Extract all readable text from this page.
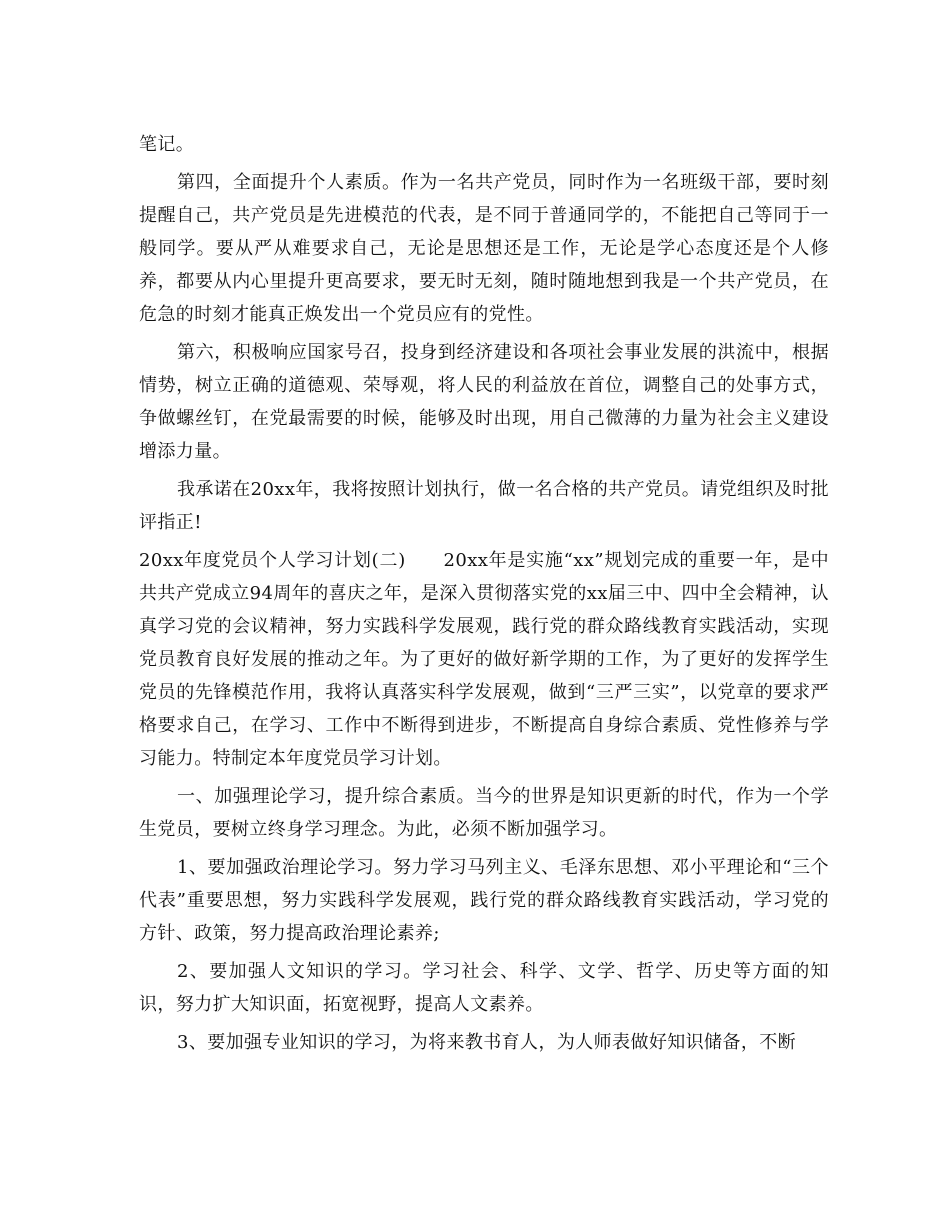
笔记。

第四，全面提升个人素质。作为一名共产党员，同时作为一名班级干部，要时刻提醒自己，共产党员是先进模范的代表，是不同于普通同学的，不能把自己等同于一般同学。要从严从难要求自己，无论是思想还是工作，无论是学心态度还是个人修养，都要从内心里提升更高要求，要无时无刻，随时随地想到我是一个共产党员，在危急的时刻才能真正焕发出一个党员应有的党性。

第六，积极响应国家号召，投身到经济建设和各项社会事业发展的洪流中，根据情势，树立正确的道德观、荣辱观，将人民的利益放在首位，调整自己的处事方式，争做螺丝钉，在党最需要的时候，能够及时出现，用自己微薄的力量为社会主义建设增添力量。

我承诺在20xx年，我将按照计划执行，做一名合格的共产党员。请党组织及时批评指正!

20xx年度党员个人学习计划(二)　　20xx年是实施“xx”规划完成的重要一年，是中共共产党成立94周年的喜庆之年，是深入贯彻落实党的xx届三中、四中全会精神，认真学习党的会议精神，努力实践科学发展观，践行党的群众路线教育实践活动，实现党员教育良好发展的推动之年。为了更好的做好新学期的工作，为了更好的发挥学生党员的先锋模范作用，我将认真落实科学发展观，做到“三严三实”，以党章的要求严格要求自己，在学习、工作中不断得到进步，不断提高自身综合素质、党性修养与学习能力。特制定本年度党员学习计划。

一、加强理论学习，提升综合素质。当今的世界是知识更新的时代，作为一个学生党员，要树立终身学习理念。为此，必须不断加强学习。

1、要加强政治理论学习。努力学习马列主义、毛泽东思想、邓小平理论和“三个代表”重要思想，努力实践科学发展观，践行党的群众路线教育实践活动，学习党的方针、政策，努力提高政治理论素养;

2、要加强人文知识的学习。学习社会、科学、文学、哲学、历史等方面的知识，努力扩大知识面，拓宽视野，提高人文素养。

3、要加强专业知识的学习，为将来教书育人，为人师表做好知识储备，不断
